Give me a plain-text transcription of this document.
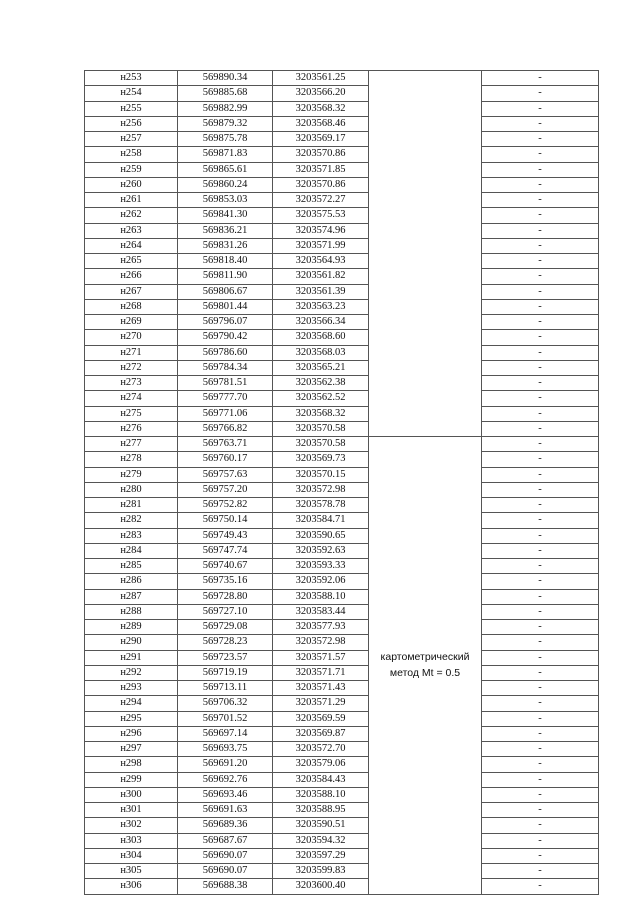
н253	569890.34	3203561.25		-
н254	569885.68	3203566.20		-
н255	569882.99	3203568.32		-
н256	569879.32	3203568.46		-
н257	569875.78	3203569.17		-
н258	569871.83	3203570.86		-
н259	569865.61	3203571.85		-
н260	569860.24	3203570.86		-
н261	569853.03	3203572.27		-
н262	569841.30	3203575.53		-
н263	569836.21	3203574.96		-
н264	569831.26	3203571.99		-
н265	569818.40	3203564.93		-
н266	569811.90	3203561.82		-
н267	569806.67	3203561.39		-
н268	569801.44	3203563.23		-
н269	569796.07	3203566.34		-
н270	569790.42	3203568.60		-
н271	569786.60	3203568.03		-
н272	569784.34	3203565.21		-
н273	569781.51	3203562.38		-
н274	569777.70	3203562.52		-
н275	569771.06	3203568.32		-
н276	569766.82	3203570.58		-
н277	569763.71	3203570.58	картометрический метод Mt = 0.5	-
н278	569760.17	3203569.73		-
н279	569757.63	3203570.15		-
н280	569757.20	3203572.98		-
н281	569752.82	3203578.78		-
н282	569750.14	3203584.71		-
н283	569749.43	3203590.65		-
н284	569747.74	3203592.63		-
н285	569740.67	3203593.33		-
н286	569735.16	3203592.06		-
н287	569728.80	3203588.10		-
н288	569727.10	3203583.44		-
н289	569729.08	3203577.93		-
н290	569728.23	3203572.98		-
н291	569723.57	3203571.57		-
н292	569719.19	3203571.71		-
н293	569713.11	3203571.43		-
н294	569706.32	3203571.29		-
н295	569701.52	3203569.59		-
н296	569697.14	3203569.87		-
н297	569693.75	3203572.70		-
н298	569691.20	3203579.06		-
н299	569692.76	3203584.43		-
н300	569693.46	3203588.10		-
н301	569691.63	3203588.95		-
н302	569689.36	3203590.51		-
н303	569687.67	3203594.32		-
н304	569690.07	3203597.29		-
н305	569690.07	3203599.83		-
н306	569688.38	3203600.40		-
